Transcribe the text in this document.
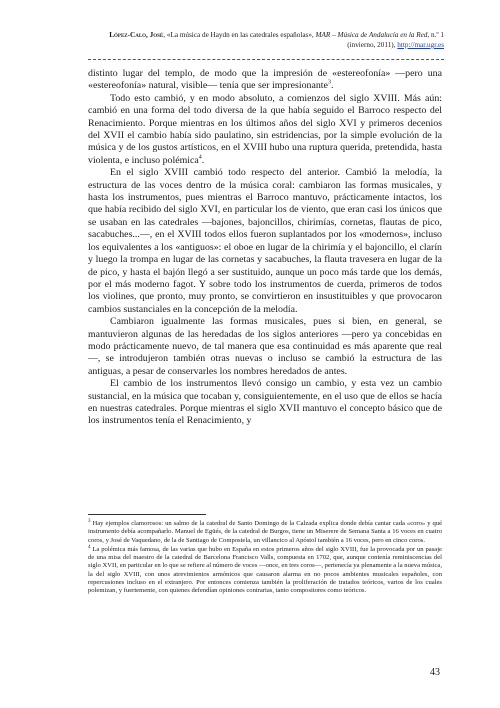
López-Calo, José, «La música de Haydn en las catedrales españolas», MAR – Música de Andalucía en la Red, n.º 1 (invierno, 2011), http://mar.ugr.es

distinto lugar del templo, de modo que la impresión de «estereofonía» —pero una «estereofonía» natural, visible— tenía que ser impresionante$^3$.

Todo esto cambió, y en modo absoluto, a comienzos del siglo XVIII. Más aún: cambió en una forma del todo diversa de la que había seguido el Barroco respecto del Renacimiento. Porque mientras en los últimos años del siglo XVI y primeros decenios del XVII el cambio había sido paulatino, sin estridencias, por la simple evolución de la música y de los gustos artísticos, en el XVIII hubo una ruptura querida, pretendida, hasta violenta, e incluso polémica$^4$.

En el siglo XVIII cambió todo respecto del anterior. Cambió la melodía, la estructura de las voces dentro de la música coral: cambiaron las formas musicales, y hasta los instrumentos, pues mientras el Barroco mantuvo, prácticamente intactos, los que había recibido del siglo XVI, en particular los de viento, que eran casi los únicos que se usaban en las catedrales —bajones, bajoncillos, chirimías, cornetas, flautas de pico, sacabuches...—, en el XVIII todos ellos fueron suplantados por los «modernos», incluso los equivalentes a los «antiguos»: el oboe en lugar de la chirimía y el bajoncillo, el clarín y luego la trompa en lugar de las cornetas y sacabuches, la flauta travesera en lugar de la de pico, y hasta el bajón llegó a ser sustituido, aunque un poco más tarde que los demás, por el más moderno fagot. Y sobre todo los instrumentos de cuerda, primeros de todos los violines, que pronto, muy pronto, se convirtieron en insustituibles y que provocaron cambios sustanciales en la concepción de la melodía.

Cambiaron igualmente las formas musicales, pues si bien, en general, se mantuvieron algunas de las heredadas de los siglos anteriores —pero ya concebidas en modo prácticamente nuevo, de tal manera que esa continuidad es más aparente que real—, se introdujeron también otras nuevas o incluso se cambió la estructura de las antiguas, a pesar de conservarles los nombres heredados de antes.

El cambio de los instrumentos llevó consigo un cambio, y esta vez un cambio sustancial, en la música que tocaban y, consiguientemente, en el uso que de ellos se hacía en nuestras catedrales. Porque mientras el siglo XVII mantuvo el concepto básico que de los instrumentos tenía el Renacimiento, y

$^3$ Hay ejemplos clamorosos: un salmo de la catedral de Santo Domingo de la Calzada explica donde debía cantar cada «coro» y qué instrumento debía acompañarlo. Manuel de Egüés, de la catedral de Burgos, tiene un Miserere de Semana Santa a 16 voces en cuatro coros, y José de Vaquedano, de la de Santiago de Compostela, un villancico al Apóstol también a 16 voces, pero en cinco coros.

$^4$ La polémica más famosa, de las varias que hubo en España en estos primeros años del siglo XVIII, fue la provocada por un pasaje de una misa del maestro de la catedral de Barcelona Francisco Valls, compuesta en 1702, que, aunque contenía reminiscencias del siglo XVII, en particular en lo que se refiere al número de voces —once, en tres coros—, pertenecía ya plenamente a la nueva música, la del siglo XVIII, con unos atrevimientos armónicos que causaron alarma en no pocos ambientes musicales españoles, con repercusiones incluso en el extranjero. Por entonces comienza también la proliferación de tratados teóricos, varios de los cuales polemizan, y fuertemente, con quienes defendían opiniones contrarias, tanto compositores como teóricos.

43
